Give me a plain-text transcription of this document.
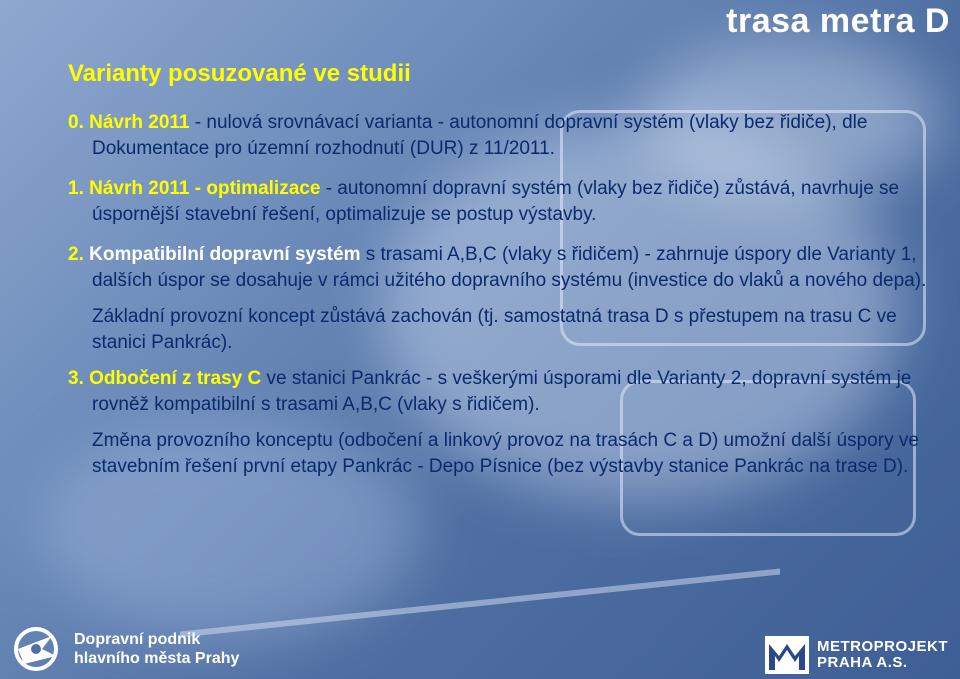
trasa metra D
Varianty posuzované ve studii

0. Návrh 2011 - nulová srovnávací varianta - autonomní dopravní systém (vlaky bez řidiče), dle Dokumentace pro územní rozhodnutí (DUR) z 11/2011.

1. Návrh 2011 - optimalizace - autonomní dopravní systém (vlaky bez řidiče) zůstává, navrhuje se úspornější stavební řešení, optimalizuje se postup výstavby.

2. Kompatibilní dopravní systém s trasami A,B,C (vlaky s řidičem) - zahrnuje úspory dle Varianty 1, dalších úspor se dosahuje v rámci užitého dopravního systému (investice do vlaků a nového depa).

Základní provozní koncept zůstává zachován (tj. samostatná trasa D s přestupem na trasu C ve stanici Pankrác).

3. Odbočení z trasy C ve stanici Pankrác - s veškerými úsporami dle Varianty 2, dopravní systém je rovněž kompatibilní s trasami A,B,C (vlaky s řidičem).

Změna provozního konceptu (odbočení a linkový provoz na trasách C a D) umožní další úspory ve stavebním řešení první etapy Pankrác - Depo Písnice (bez výstavby stanice Pankrác na trase D).

Dopravní podnik
hlavního města Prahy
METROPROJEKT
PRAHA A.S.
